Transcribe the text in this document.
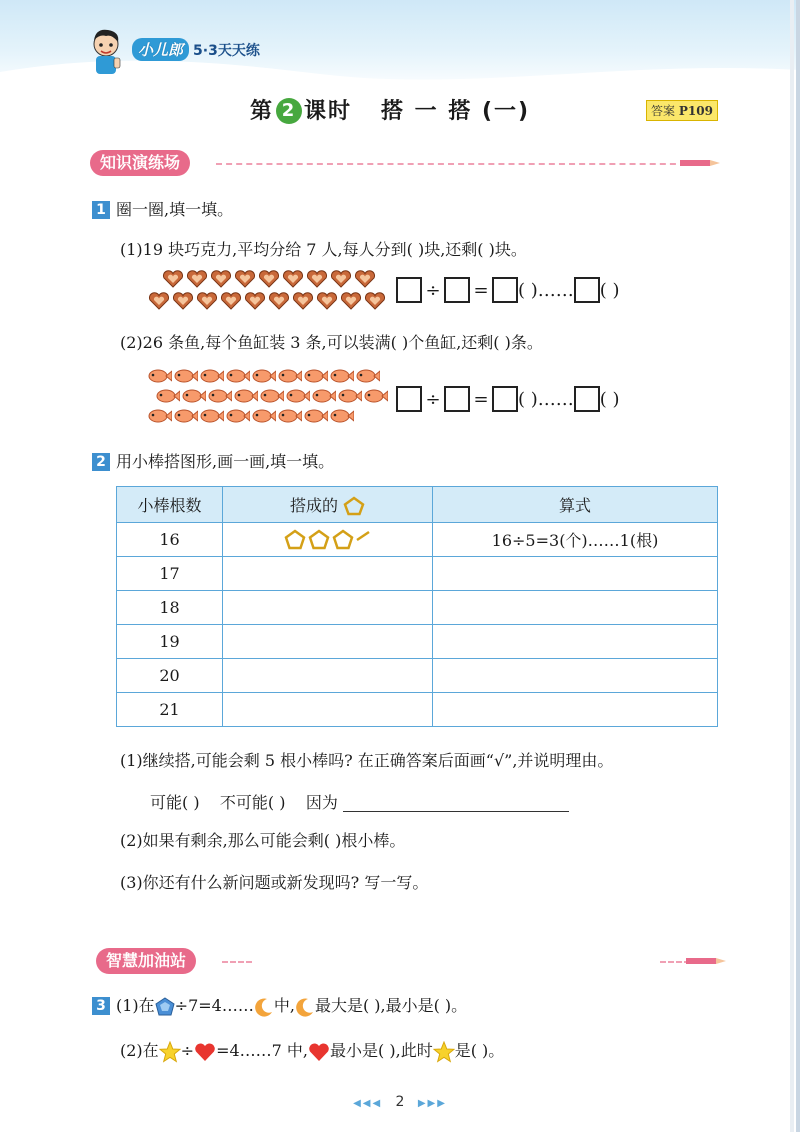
小儿郎 5·3天天练
第 2 课时 搭 一 搭 (一)	答案 P109
知识演练场
1 圈一圈,填一填。
(1)19 块巧克力,平均分给 7 人,每人分到( )块,还剩( )块。
÷ = ( )…… ( )
(2)26 条鱼,每个鱼缸装 3 条,可以装满( )个鱼缸,还剩( )条。
÷ = ( )…… ( )
2 用小棒搭图形,画一画,填一填。
小棒根数	搭成的	算式
16		16÷5=3(个)……1(根)
17		
18		
19		
20		
21		
(1)继续搭,可能会剩 5 根小棒吗? 在正确答案后面画“√”,并说明理由。
可能( ) 不可能( ) 因为
(2)如果有剩余,那么可能会剩( )根小棒。
(3)你还有什么新问题或新发现吗? 写一写。
智慧加油站
3 (1)在 ÷7=4…… 中, 最大是( ),最小是( )。
(2)在 ÷ =4……7 中, 最小是( ),此时 是( )。
◀◀◀ 2 ▶▶▶
